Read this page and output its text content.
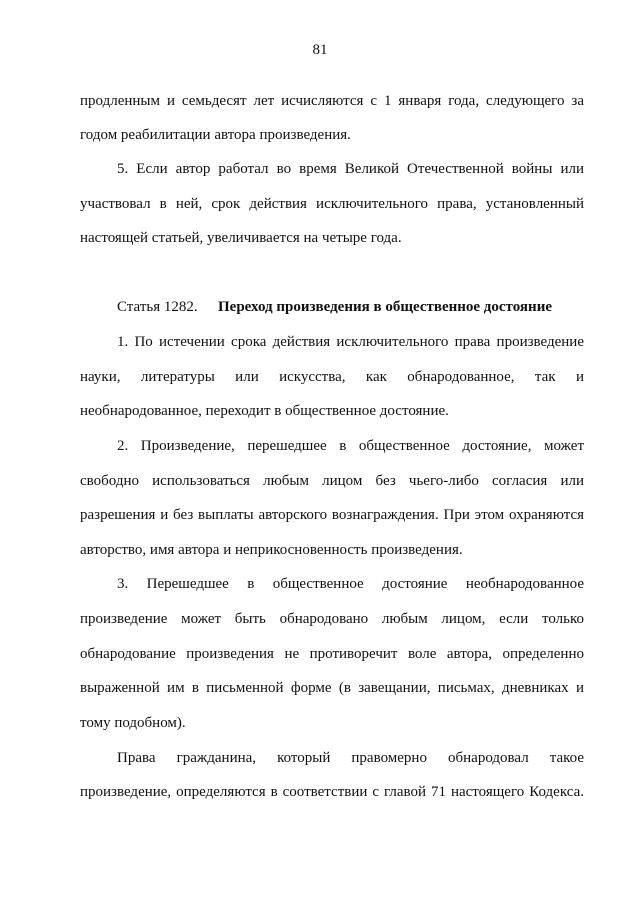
81

продленным и семьдесят лет исчисляются с 1 января года, следующего за

годом реабилитации автора произведения.

5. Если автор работал во время Великой Отечественной войны или

участвовал в ней, срок действия исключительного права, установленный

настоящей статьей, увеличивается на четыре года.

Статья 1282. Переход произведения в общественное достояние

1. По истечении срока действия исключительного права произведение

науки, литературы или искусства, как обнародованное, так и

необнародованное, переходит в общественное достояние.

2. Произведение, перешедшее в общественное достояние, может

свободно использоваться любым лицом без чьего-либо согласия или

разрешения и без выплаты авторского вознаграждения. При этом охраняются

авторство, имя автора и неприкосновенность произведения.

3. Перешедшее в общественное достояние необнародованное

произведение может быть обнародовано любым лицом, если только

обнародование произведения не противоречит воле автора, определенно

выраженной им в письменной форме (в завещании, письмах, дневниках и

тому подобном).

Права гражданина, который правомерно обнародовал такое

произведение, определяются в соответствии с главой 71 настоящего Кодекса.
